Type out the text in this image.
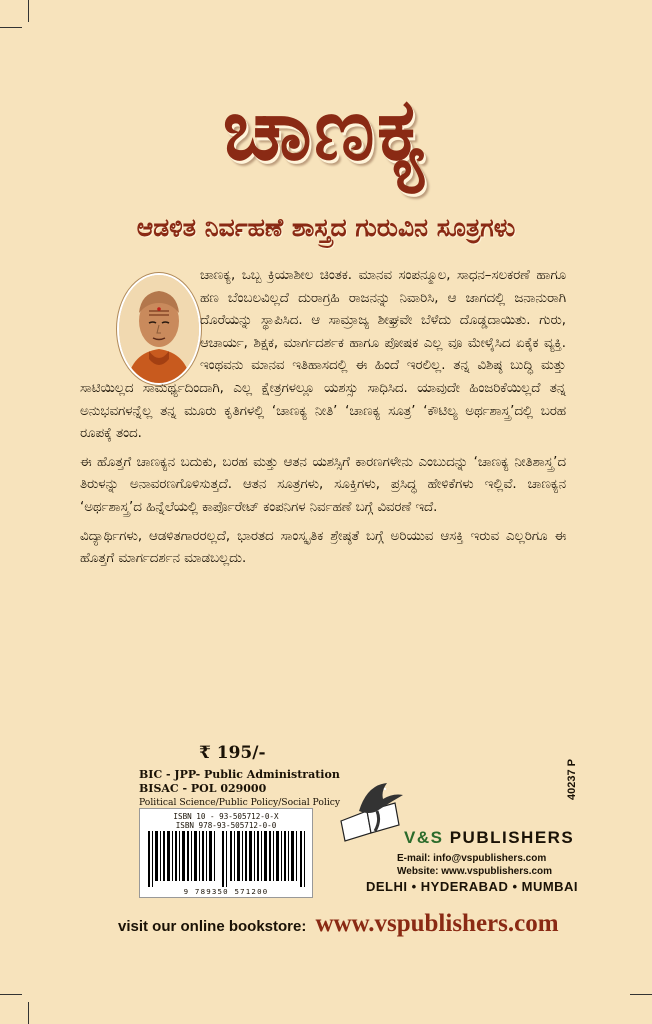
ಚಾಣಕ್ಯ
ಆಡಳಿತ ನಿರ್ವಹಣೆ ಶಾಸ್ತ್ರದ ಗುರುವಿನ ಸೂತ್ರಗಳು

ಚಾಣಕ್ಯ, ಒಬ್ಬ ಕ್ರಿಯಾಶೀಲ ಚಿಂತಕ. ಮಾನವ ಸಂಪನ್ಮೂಲ, ಸಾಧನ–ಸಲಕರಣೆ ಹಾಗೂ ಹಣ ಬೆಂಬಲವಿಲ್ಲದೆ ದುರಾಗ್ರಹಿ ರಾಜನನ್ನು ನಿವಾರಿಸಿ, ಆ ಜಾಗದಲ್ಲಿ ಜನಾನುರಾಗಿ ದೊರೆಯನ್ನು ಸ್ಥಾಪಿಸಿದ. ಆ ಸಾಮ್ರಾಜ್ಯ ಶೀಘ್ರವೇ ಬೆಳೆದು ದೊಡ್ಡದಾಯಿತು. ಗುರು, ಆಚಾರ್ಯ, ಶಿಕ್ಷಕ, ಮಾರ್ಗದರ್ಶಕ ಹಾಗೂ ಪೋಷಕ ಎಲ್ಲ ವೂ ಮೇಳೈಸಿದ ಏಕೈಕ ವ್ಯಕ್ತಿ. ಇಂಥವನು ಮಾನವ ಇತಿಹಾಸದಲ್ಲಿ ಈ ಹಿಂದೆ ಇರಲಿಲ್ಲ. ತನ್ನ ವಿಶಿಷ್ಠ ಬುದ್ಧಿ ಮತ್ತು ಸಾಟಿಯಿಲ್ಲದ ಸಾಮರ್ಥ್ಯದಿಂದಾಗಿ, ಎಲ್ಲ ಕ್ಷೇತ್ರಗಳಲ್ಲೂ ಯಶಸ್ಸು ಸಾಧಿಸಿದ. ಯಾವುದೇ ಹಿಂಜರಿಕೆಯಿಲ್ಲದೆ ತನ್ನ ಅನುಭವಗಳನ್ನೆಲ್ಲ ತನ್ನ ಮೂರು ಕೃತಿಗಳಲ್ಲಿ ‘ಚಾಣಕ್ಯ ನೀತಿ’ ‘ಚಾಣಕ್ಯ ಸೂತ್ರ’ ‘ಕೌಟಿಲ್ಯ ಅರ್ಥಶಾಸ್ತ್ರ’ದಲ್ಲಿ ಬರಹ ರೂಪಕ್ಕೆ ತಂದ.

ಈ ಹೊತ್ತಗೆ ಚಾಣಕ್ಯನ ಬದುಕು, ಬರಹ ಮತ್ತು ಆತನ ಯಶಸ್ಸಿಗೆ ಕಾರಣಗಳೇನು ಎಂಬುದನ್ನು ‘ಚಾಣಕ್ಯ ನೀತಿಶಾಸ್ತ್ರ’ದ ತಿರುಳನ್ನು ಅನಾವರಣಗೊಳಿಸುತ್ತದೆ. ಆತನ ಸೂತ್ರಗಳು, ಸೂಕ್ತಿಗಳು, ಪ್ರಸಿದ್ಧ ಹೇಳಿಕೆಗಳು ಇಲ್ಲಿವೆ. ಚಾಣಕ್ಯನ ‘ಅರ್ಥಶಾಸ್ತ್ರ’ದ ಹಿನ್ನೆಲೆಯಲ್ಲಿ ಕಾರ್ಪೊರೇಟ್ ಕಂಪನಿಗಳ ನಿರ್ವಹಣೆ ಬಗ್ಗೆ ವಿವರಣೆ ಇದೆ.

ವಿದ್ಯಾರ್ಥಿಗಳು, ಆಡಳಿತಗಾರರಲ್ಲದೆ, ಭಾರತದ ಸಾಂಸ್ಕೃತಿಕ ಶ್ರೇಷ್ಠತೆ ಬಗ್ಗೆ ಅರಿಯುವ ಆಸಕ್ತಿ ಇರುವ ಎಲ್ಲರಿಗೂ ಈ ಹೊತ್ತಗೆ ಮಾರ್ಗದರ್ಶನ ಮಾಡಬಲ್ಲದು.

₹ 195/-
BIC - JPP- Public Administration
BISAC - POL 029000
Political Science/Public Policy/Social Policy
ISBN 10 - 93-505712-0-X
ISBN 978-93-505712-0-0
9 789350 571200
40237 P
V&S PUBLISHERS
E-mail: info@vspublishers.com
Website: www.vspublishers.com
DELHI • HYDERABAD • MUMBAI
visit our online bookstore: www.vspublishers.com
